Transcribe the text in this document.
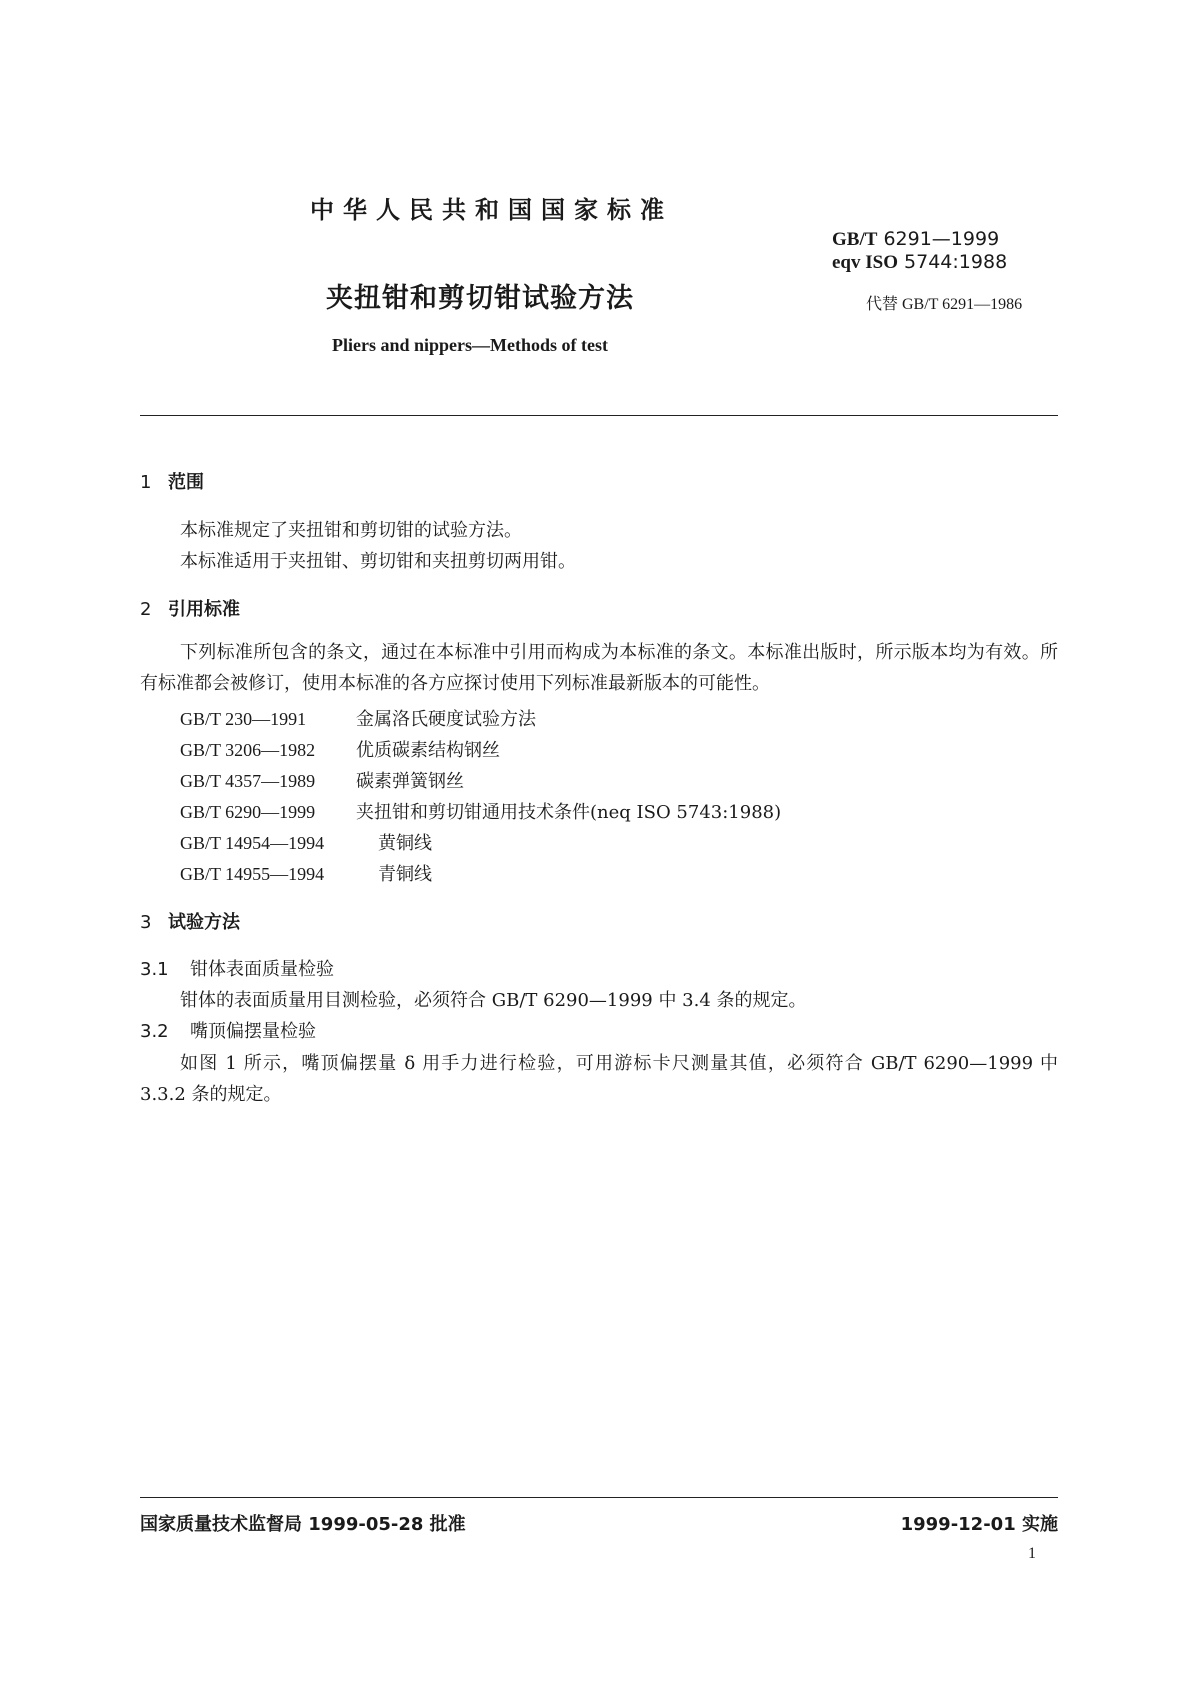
中华人民共和国国家标准
GB/T 6291—1999
eqv ISO 5744:1988
夹扭钳和剪切钳试验方法	代替 GB/T 6291—1986
Pliers and nippers—Methods of test
1 范围
本标准规定了夹扭钳和剪切钳的试验方法。
本标准适用于夹扭钳、剪切钳和夹扭剪切两用钳。
2 引用标准
下列标准所包含的条文，通过在本标准中引用而构成为本标准的条文。本标准出版时，所示版本均为有效。所有标准都会被修订，使用本标准的各方应探讨使用下列标准最新版本的可能性。
GB/T 230—1991	金属洛氏硬度试验方法
GB/T 3206—1982 优质碳素结构钢丝
GB/T 4357—1989 碳素弹簧钢丝
GB/T 6290—1999 夹扭钳和剪切钳通用技术条件(neq ISO 5743:1988)
GB/T 14954—1994	黄铜线
GB/T 14955—1994	青铜线
3 试验方法
3.1 钳体表面质量检验
钳体的表面质量用目测检验，必须符合 GB/T 6290—1999 中 3.4 条的规定。
3.2 嘴顶偏摆量检验
如图 1 所示，嘴顶偏摆量 δ 用手力进行检验，可用游标卡尺测量其值，必须符合 GB/T 6290—1999 中 3.3.2 条的规定。
国家质量技术监督局 1999-05-28 批准	1999-12-01 实施
1
